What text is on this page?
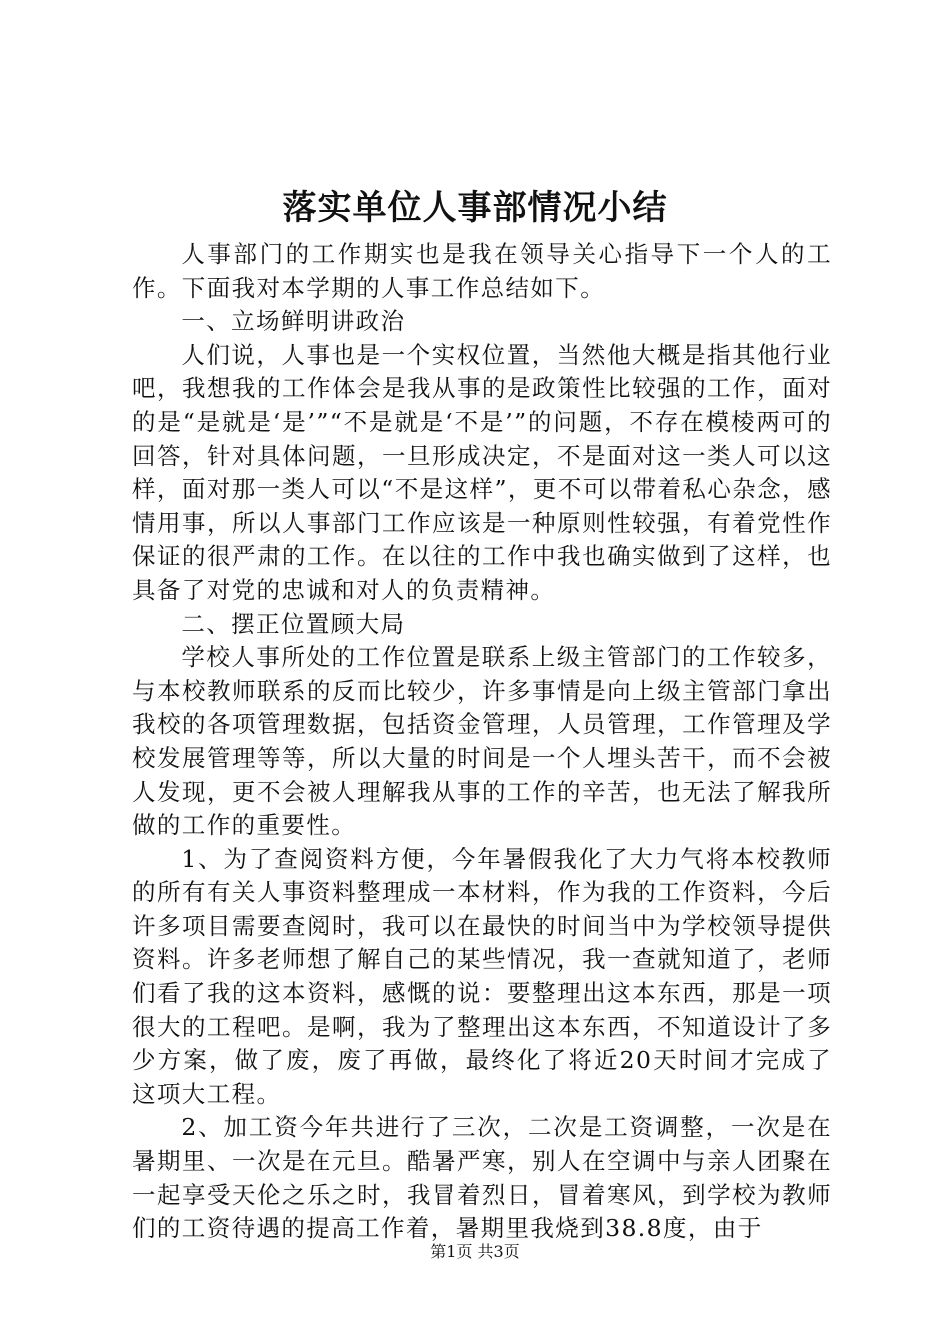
落实单位人事部情况小结

人事部门的工作期实也是我在领导关心指导下一个人的工作。下面我对本学期的人事工作总结如下。

一、立场鲜明讲政治

人们说，人事也是一个实权位置，当然他大概是指其他行业吧，我想我的工作体会是我从事的是政策性比较强的工作，面对的是“是就是‘是’”“不是就是‘不是’”的问题，不存在模棱两可的回答，针对具体问题，一旦形成决定，不是面对这一类人可以这样，面对那一类人可以“不是这样”，更不可以带着私心杂念，感情用事，所以人事部门工作应该是一种原则性较强，有着党性作保证的很严肃的工作。在以往的工作中我也确实做到了这样，也具备了对党的忠诚和对人的负责精神。

二、摆正位置顾大局

学校人事所处的工作位置是联系上级主管部门的工作较多，与本校教师联系的反而比较少，许多事情是向上级主管部门拿出我校的各项管理数据，包括资金管理，人员管理，工作管理及学校发展管理等等，所以大量的时间是一个人埋头苦干，而不会被人发现，更不会被人理解我从事的工作的辛苦，也无法了解我所做的工作的重要性。

1、为了查阅资料方便，今年暑假我化了大力气将本校教师的所有有关人事资料整理成一本材料，作为我的工作资料，今后许多项目需要查阅时，我可以在最快的时间当中为学校领导提供资料。许多老师想了解自己的某些情况，我一查就知道了，老师们看了我的这本资料，感慨的说：要整理出这本东西，那是一项很大的工程吧。是啊，我为了整理出这本东西，不知道设计了多少方案，做了废，废了再做，最终化了将近20天时间才完成了这项大工程。

2、加工资今年共进行了三次，二次是工资调整，一次是在暑期里、一次是在元旦。酷暑严寒，别人在空调中与亲人团聚在一起享受天伦之乐之时，我冒着烈日，冒着寒风，到学校为教师们的工资待遇的提高工作着，暑期里我烧到38.8度，由于

第1页 共3页
